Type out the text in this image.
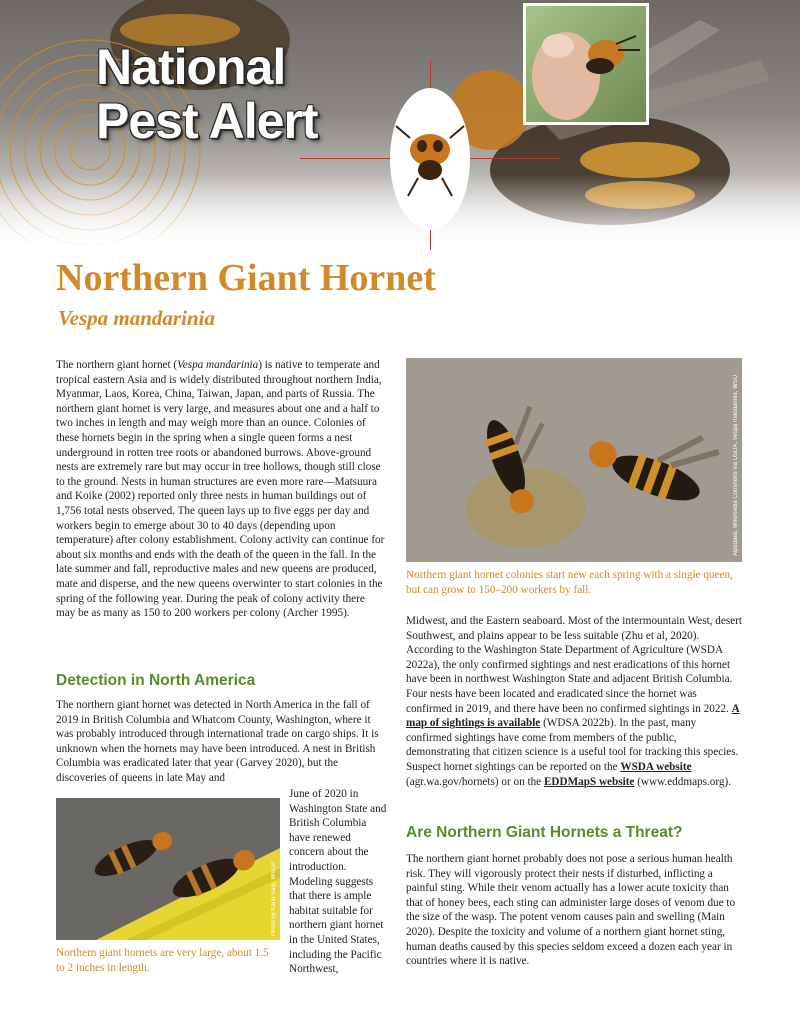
National
Pest Alert
Northern Giant Hornet
Vespa mandarinia
The northern giant hornet (Vespa mandarinia) is native to temperate and tropical eastern Asia and is widely distributed throughout northern India, Myanmar, Laos, Korea, China, Taiwan, Japan, and parts of Russia. The northern giant hornet is very large, and measures about one and a half to two inches in length and may weigh more than an ounce. Colonies of these hornets begin in the spring when a single queen forms a nest underground in rotten tree roots or abandoned burrows. Above-ground nests are extremely rare but may occur in tree hollows, though still close to the ground. Nests in human structures are even more rare—Matsuura and Koike (2002) reported only three nests in human buildings out of 1,756 total nests observed. The queen lays up to five eggs per day and workers begin to emerge about 30 to 40 days (depending upon temperature) after colony establishment. Colony activity can continue for about six months and ends with the death of the queen in the fall. In the late summer and fall, reproductive males and new queens are produced, mate and disperse, and the new queens overwinter to start colonies in the spring of the following year. During the peak of colony activity there may be as many as 150 to 200 workers per colony (Archer 1995).
Detection in North America
The northern giant hornet was detected in North America in the fall of 2019 in British Columbia and Whatcom County, Washington, where it was probably introduced through international trade on cargo ships. It is unknown when the hornets may have been introduced. A nest in British Columbia was eradicated later that year (Garvey 2020), but the discoveries of queens in late May and
Photo by Karla Salp, WSDA
June of 2020 in Washington State and British Columbia have renewed concern about the introduction. Modeling suggests that there is ample habitat suitable for northern giant hornet in the United States, including the Pacific Northwest,
Northern giant hornets are very large, about 1.5 to 2 inches in length.
Alpsdake, Wikimedia Commons via USDA, Vespa mandarinia, WSU
Northern giant hornet colonies start new each spring with a single queen, but can grow to 150–200 workers by fall.
Midwest, and the Eastern seaboard. Most of the intermountain West, desert Southwest, and plains appear to be less suitable (Zhu et al, 2020). According to the Washington State Department of Agriculture (WSDA 2022a), the only confirmed sightings and nest eradications of this hornet have been in northwest Washington State and adjacent British Columbia. Four nests have been located and eradicated since the hornet was confirmed in 2019, and there have been no confirmed sightings in 2022. A map of sightings is available (WDSA 2022b). In the past, many confirmed sightings have come from members of the public, demonstrating that citizen science is a useful tool for tracking this species. Suspect hornet sightings can be reported on the WSDA website (agr.wa.gov/hornets) or on the EDDMapS website (www.eddmaps.org).
Are Northern Giant Hornets a Threat?
The northern giant hornet probably does not pose a serious human health risk. They will vigorously protect their nests if disturbed, inflicting a painful sting. While their venom actually has a lower acute toxicity than that of honey bees, each sting can administer large doses of venom due to the size of the wasp. The potent venom causes pain and swelling (Main 2020). Despite the toxicity and volume of a northern giant hornet sting, human deaths caused by this species seldom exceed a dozen each year in countries where it is native.
